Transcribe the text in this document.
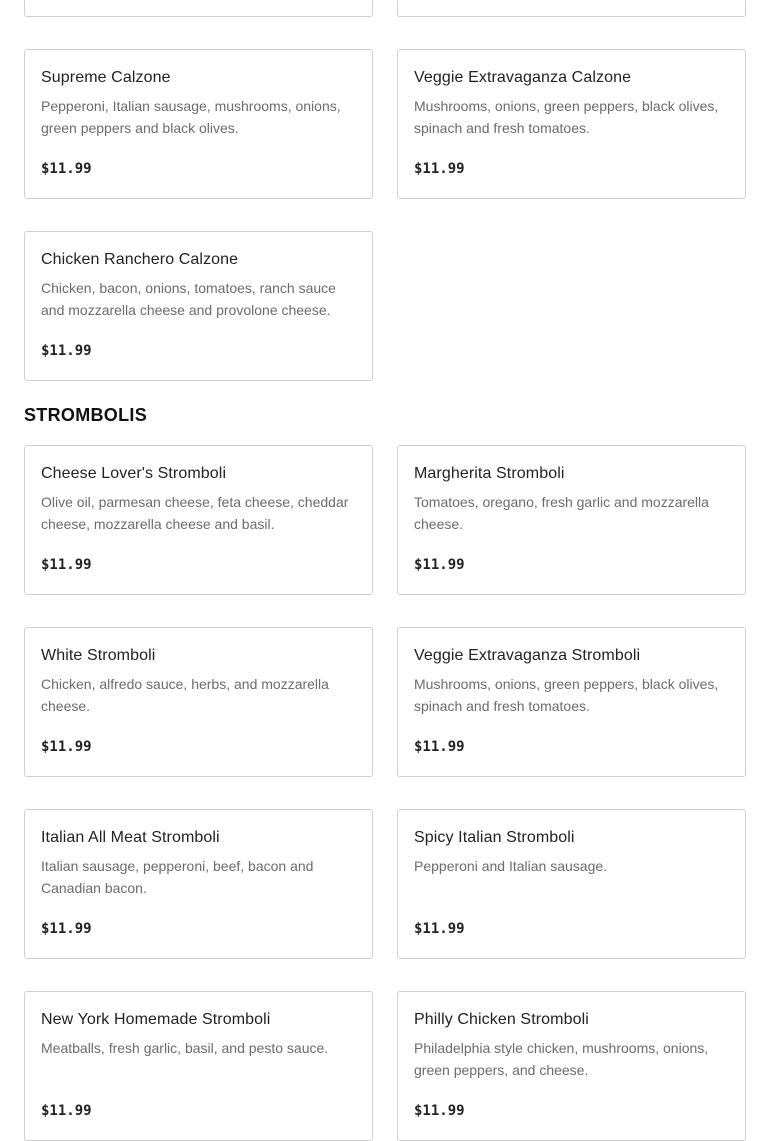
Supreme Calzone
Pepperoni, Italian sausage, mushrooms, onions, green peppers and black olives.
$11.99
Veggie Extravaganza Calzone
Mushrooms, onions, green peppers, black olives, spinach and fresh tomatoes.
$11.99
Chicken Ranchero Calzone
Chicken, bacon, onions, tomatoes, ranch sauce and mozzarella cheese and provolone cheese.
$11.99
STROMBOLIS
Cheese Lover's Stromboli
Olive oil, parmesan cheese, feta cheese, cheddar cheese, mozzarella cheese and basil.
$11.99
Margherita Stromboli
Tomatoes, oregano, fresh garlic and mozzarella cheese.
$11.99
White Stromboli
Chicken, alfredo sauce, herbs, and mozzarella cheese.
$11.99
Veggie Extravaganza Stromboli
Mushrooms, onions, green peppers, black olives, spinach and fresh tomatoes.
$11.99
Italian All Meat Stromboli
Italian sausage, pepperoni, beef, bacon and Canadian bacon.
$11.99
Spicy Italian Stromboli
Pepperoni and Italian sausage.
$11.99
New York Homemade Stromboli
Meatballs, fresh garlic, basil, and pesto sauce.
$11.99
Philly Chicken Stromboli
Philadelphia style chicken, mushrooms, onions, green peppers, and cheese.
$11.99
